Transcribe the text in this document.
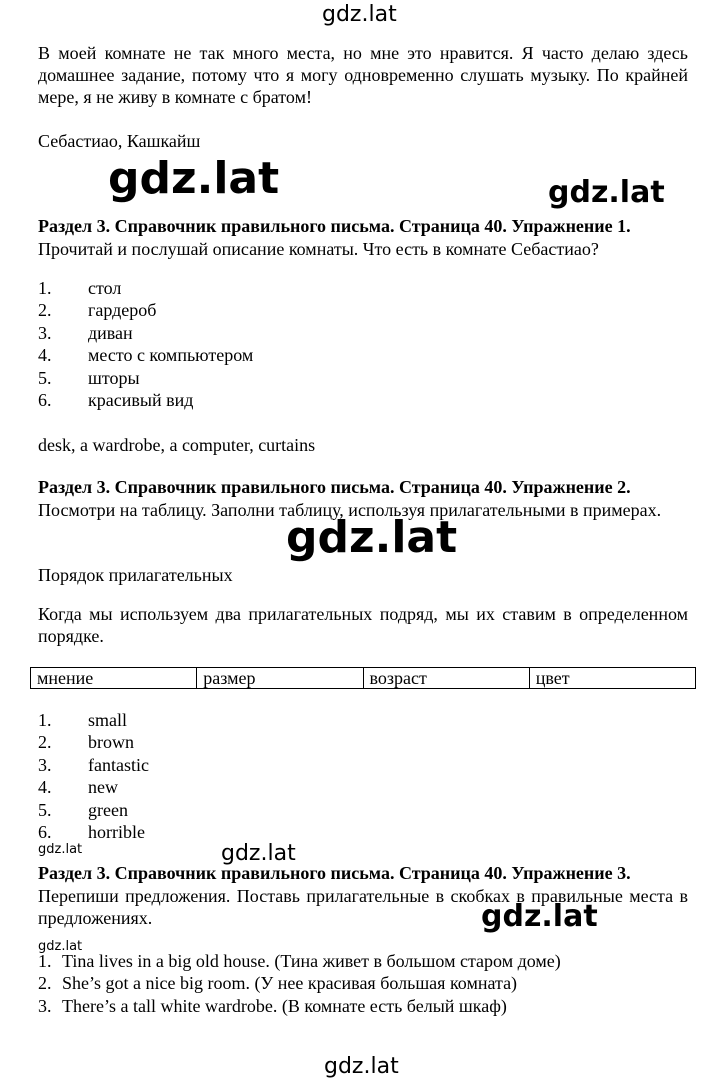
gdz.lat
gdz.lat	gdz.lat
gdz.lat
gdz.lat	gdz.lat
gdz.lat
gdz.lat
gdz.lat
В моей комнате не так много места, но мне это нравится. Я часто делаю здесь домашнее задание, потому что я могу одновременно слушать музыку. По крайней мере, я не живу в комнате с братом!
Себастиао, Кашкайш
Раздел 3. Справочник правильного письма. Страница 40. Упражнение 1.
Прочитай и послушай описание комнаты. Что есть в комнате Себастиао?
1. стол
2. гардероб
3. диван
4. место с компьютером
5. шторы
6. красивый вид
desk, a wardrobe, a computer, curtains
Раздел 3. Справочник правильного письма. Страница 40. Упражнение 2.
Посмотри на таблицу. Заполни таблицу, используя прилагательными в примерах.
Порядок прилагательных
Когда мы используем два прилагательных подряд, мы их ставим в определенном порядке.
мнение	размер	возраст	цвет
1. small
2. brown
3. fantastic
4. new
5. green
6. horrible
Раздел 3. Справочник правильного письма. Страница 40. Упражнение 3.
Перепиши предложения. Поставь прилагательные в скобках в правильные места в предложениях.
1. Tina lives in a big old house. (Тина живет в большом старом доме)
2. She’s got a nice big room. (У нее красивая большая комната)
3. There’s a tall white wardrobe. (В комнате есть белый шкаф)
